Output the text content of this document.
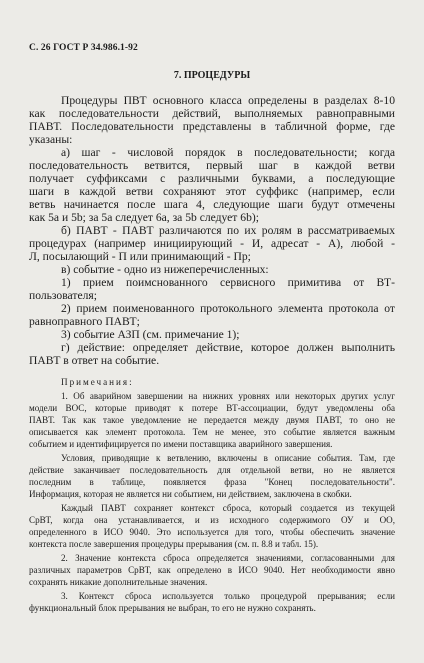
С. 26 ГОСТ Р 34.986.1-92
7. ПРОЦЕДУРЫ
Процедуры ПВТ основного класса определены в разделах 8-10
как последовательности действий, выполняемых равноправными
ПАВТ. Последовательности представлены в табличной форме, где
указаны:
а) шаг - числовой порядок в последовательности; когда
последовательность ветвится, первый шаг в каждой ветви
получает суффиксами с различными буквами, а последующие
шаги в каждой ветви сохраняют этот суффикс (например, если
ветвь начинается после шага 4, следующие шаги будут отмечены
как 5a и 5b; за 5a следует 6a, за 5b следует 6b);
б) ПАВТ - ПАВТ различаются по их ролям в рассматриваемых
процедурах (например инициирующий - И, адресат - А), любой -
Л, посылающий - П или принимающий - Пр;
в) событие - одно из нижеперечисленных:
1) прием поимснованного сервисного примитива от ВТ-
пользователя;
2) прием поименованного протокольного элемента протокола от
равноправного ПАВТ;
3) событие АЗП (см. примечание 1);
г) действие: определяет действие, которое должен выполнить
ПАВТ в ответ на событие.
Примечания:
1. Об аварийном завершении на нижних уровнях или некоторых других услуг
модели ВОС, которые приводят к потере ВТ-ассоциации, будут уведомлены оба
ПАВТ. Так как такое уведомление не передается между двумя ПАВТ, то оно не
описывается как элемент протокола. Тем не менее, это событие является важным
событием и идентифицируется по имени поставщика аварийного завершения.
Условия, приводящие к ветвлению, включены в описание события. Там, где
действие заканчивает последовательность для отдельной ветви, но не является
последним в таблице, появляется фраза "Конец последовательности".
Информация, которая не является ни событием, ни действием, заключена в скобки.
Каждый ПАВТ сохраняет контекст сброса, который создается из текущей
СрВТ, когда она устанавливается, и из исходного содержимого ОУ и ОО,
определенного в ИСО 9040. Это используется для того, чтобы обеспечить значение
контекста после завершения процедуры прерывания (см. п. 8.8 и табл. 15).
2. Значение контекста сброса определяется значениями, согласованными для
различных параметров СрВТ, как определено в ИСО 9040. Нет необходимости явно
сохранять никакие дополнительные значения.
3. Контекст сброса используется только процедурой прерывания; если
функциональный блок прерывания не выбран, то его не нужно сохранять.
